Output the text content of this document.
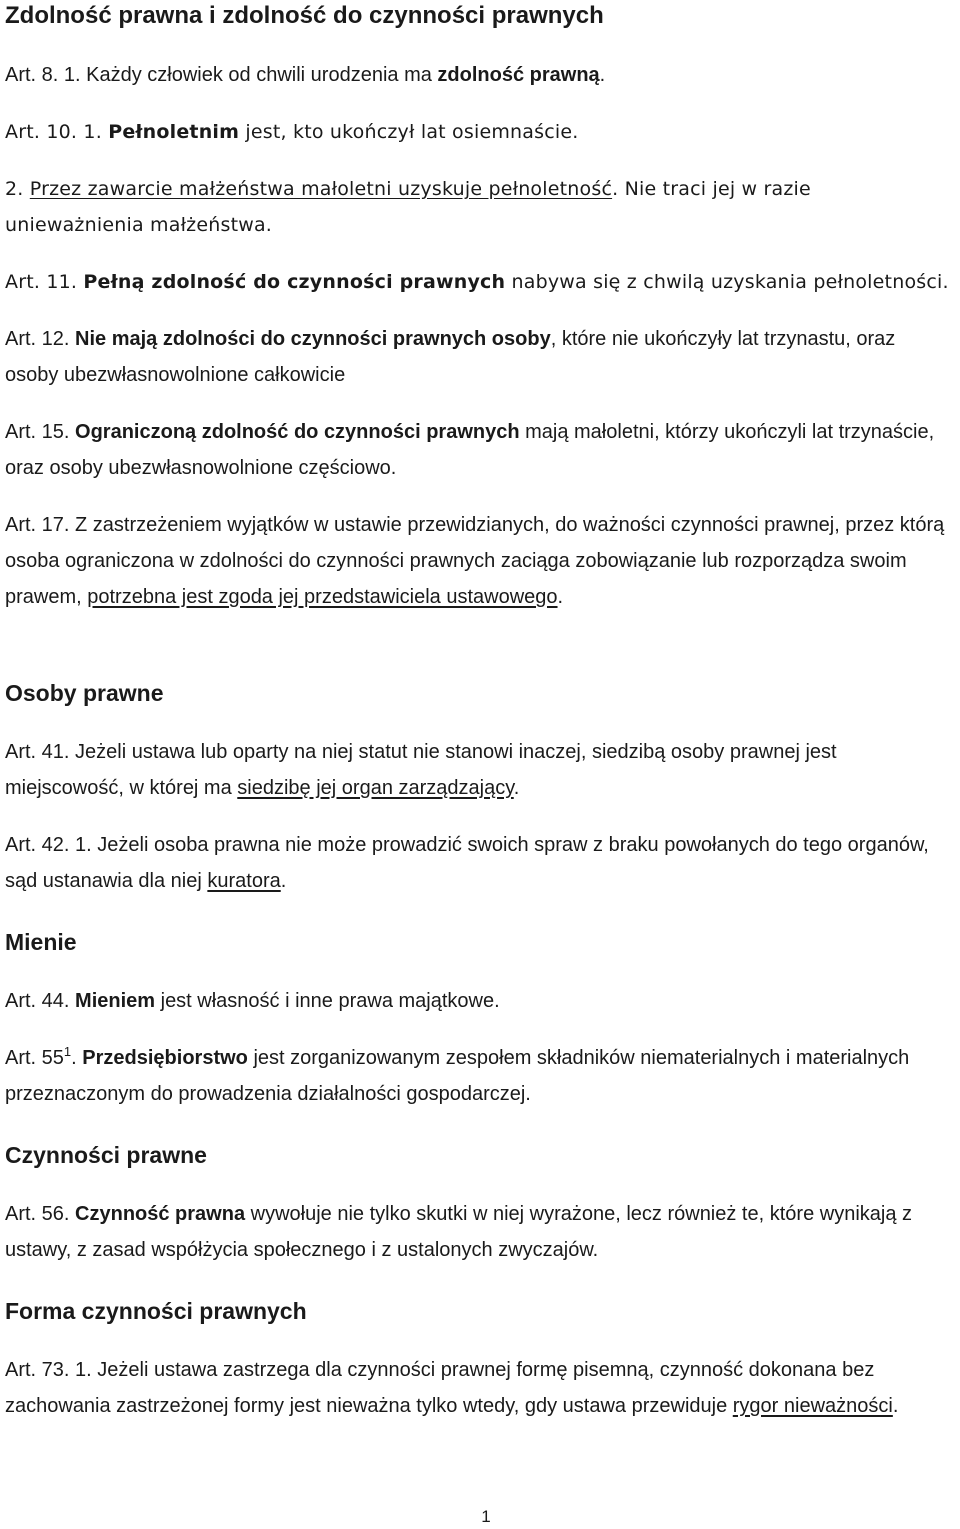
Zdolność prawna i zdolność do czynności prawnych

Art. 8. 1. Każdy człowiek od chwili urodzenia ma zdolność prawną.

Art. 10. 1. Pełnoletnim jest, kto ukończył lat osiemnaście.

2. Przez zawarcie małżeństwa małoletni uzyskuje pełnoletność. Nie traci jej w razie unieważnienia małżeństwa.

Art. 11. Pełną zdolność do czynności prawnych nabywa się z chwilą uzyskania pełnoletności.

Art. 12. Nie mają zdolności do czynności prawnych osoby, które nie ukończyły lat trzynastu, oraz osoby ubezwłasnowolnione całkowicie

Art. 15. Ograniczoną zdolność do czynności prawnych mają małoletni, którzy ukończyli lat trzynaście, oraz osoby ubezwłasnowolnione częściowo.

Art. 17. Z zastrzeżeniem wyjątków w ustawie przewidzianych, do ważności czynności prawnej, przez którą osoba ograniczona w zdolności do czynności prawnych zaciąga zobowiązanie lub rozporządza swoim prawem, potrzebna jest zgoda jej przedstawiciela ustawowego.

Osoby prawne

Art. 41. Jeżeli ustawa lub oparty na niej statut nie stanowi inaczej, siedzibą osoby prawnej jest miejscowość, w której ma siedzibę jej organ zarządzający.

Art. 42. 1. Jeżeli osoba prawna nie może prowadzić swoich spraw z braku powołanych do tego organów, sąd ustanawia dla niej kuratora.

Mienie

Art. 44. Mieniem jest własność i inne prawa majątkowe.

Art. $55^1$. Przedsiębiorstwo jest zorganizowanym zespołem składników niematerialnych i materialnych przeznaczonym do prowadzenia działalności gospodarczej.

Czynności prawne

Art. 56. Czynność prawna wywołuje nie tylko skutki w niej wyrażone, lecz również te, które wynikają z ustawy, z zasad współżycia społecznego i z ustalonych zwyczajów.

Forma czynności prawnych

Art. 73. 1. Jeżeli ustawa zastrzega dla czynności prawnej formę pisemną, czynność dokonana bez zachowania zastrzeżonej formy jest nieważna tylko wtedy, gdy ustawa przewiduje rygor nieważności.

1
